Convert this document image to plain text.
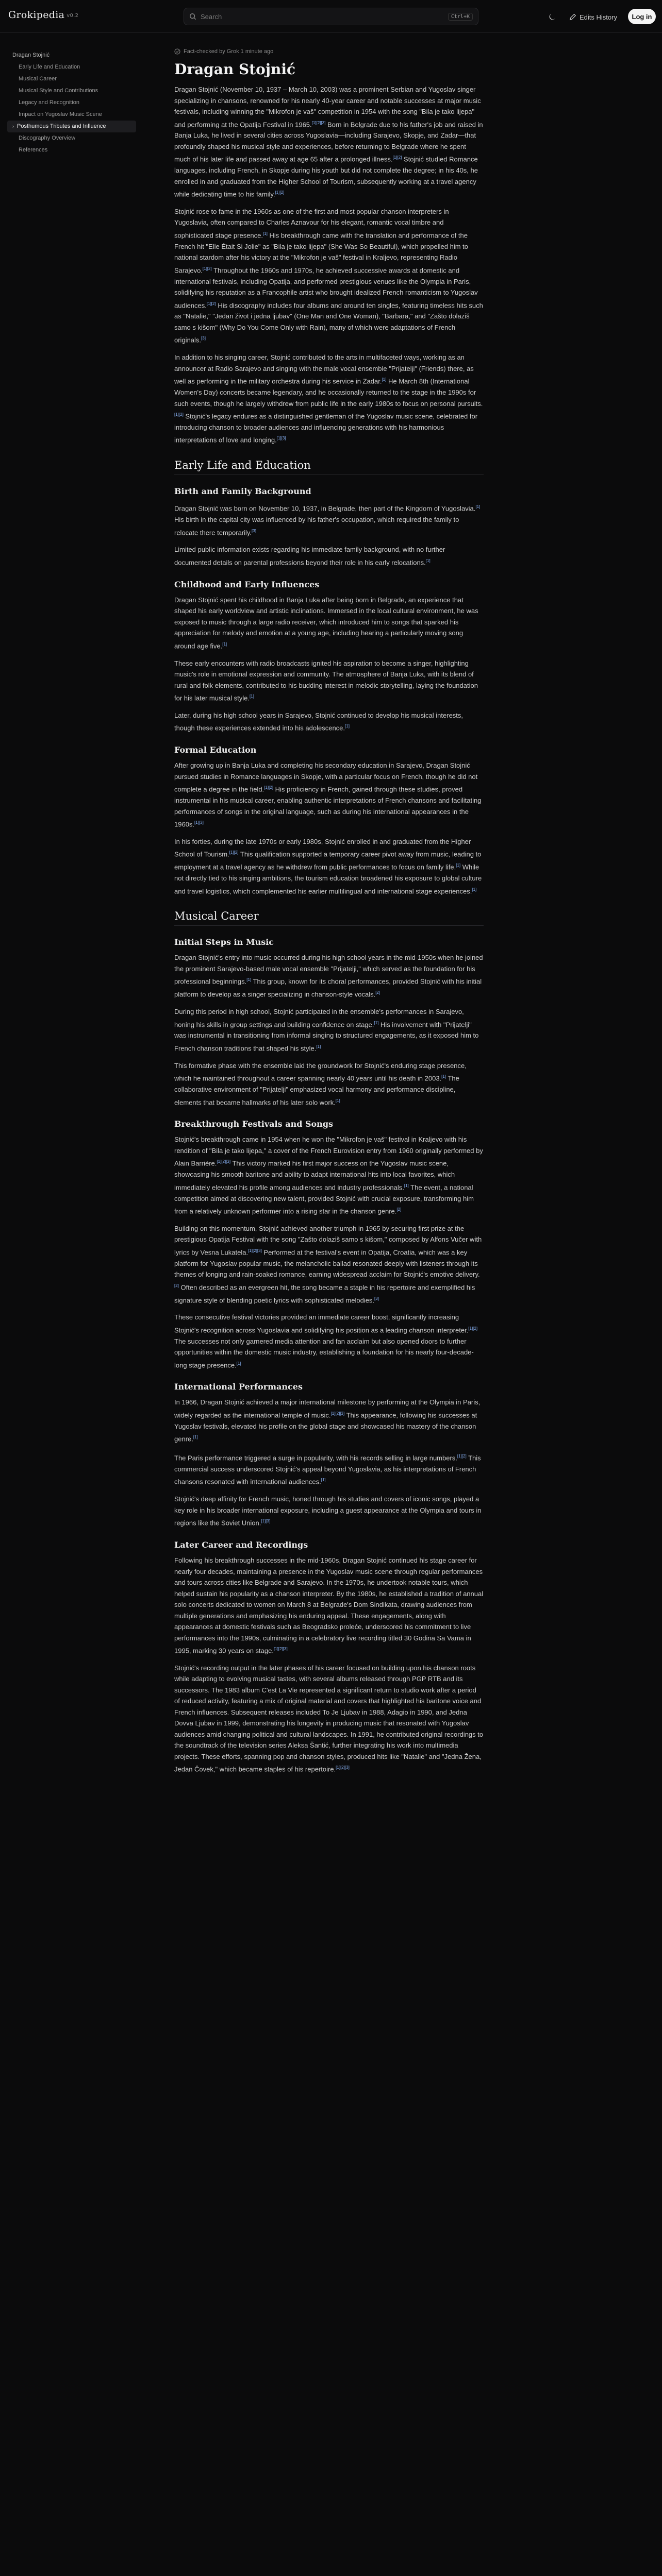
Grokipedia v0.2
Search	Ctrl+K	Edits History	Log in
Dragan Stojnić
Early Life and Education
Musical Career
Musical Style and Contributions
Legacy and Recognition
Impact on Yugoslav Music Scene
› Posthumous Tributes and Influence
Discography Overview
References
Fact-checked by Grok 1 minute ago
Dragan Stojnić

Dragan Stojnić (November 10, 1937 – March 10, 2003) was a prominent Serbian and Yugoslav singer specializing in chansons, renowned for his nearly 40-year career and notable successes at major music festivals, including winning the "Mikrofon je vaš" competition in 1954 with the song "Bila je tako lijepa" and performing at the Opatija Festival in 1965.[1][2][3] Born in Belgrade due to his father's job and raised in Banja Luka, he lived in several cities across Yugoslavia—including Sarajevo, Skopje, and Zadar—that profoundly shaped his musical style and experiences, before returning to Belgrade where he spent much of his later life and passed away at age 65 after a prolonged illness.[1][2] Stojnić studied Romance languages, including French, in Skopje during his youth but did not complete the degree; in his 40s, he enrolled in and graduated from the Higher School of Tourism, subsequently working at a travel agency while dedicating time to his family.[1][2]

Stojnić rose to fame in the 1960s as one of the first and most popular chanson interpreters in Yugoslavia, often compared to Charles Aznavour for his elegant, romantic vocal timbre and sophisticated stage presence.[1] His breakthrough came with the translation and performance of the French hit "Elle Était Si Jolie" as "Bila je tako lijepa" (She Was So Beautiful), which propelled him to national stardom after his victory at the "Mikrofon je vaš" festival in Kraljevo, representing Radio Sarajevo.[1][2] Throughout the 1960s and 1970s, he achieved successive awards at domestic and international festivals, including Opatija, and performed prestigious venues like the Olympia in Paris, solidifying his reputation as a Francophile artist who brought idealized French romanticism to Yugoslav audiences.[1][2] His discography includes four albums and around ten singles, featuring timeless hits such as "Natalie," "Jedan život i jedna ljubav" (One Man and One Woman), "Barbara," and "Zašto dolaziš samo s kišom" (Why Do You Come Only with Rain), many of which were adaptations of French originals.[3]

In addition to his singing career, Stojnić contributed to the arts in multifaceted ways, working as an announcer at Radio Sarajevo and singing with the male vocal ensemble "Prijatelji" (Friends) there, as well as performing in the military orchestra during his service in Zadar.[1] He March 8th (International Women's Day) concerts became legendary, and he occasionally returned to the stage in the 1990s for such events, though he largely withdrew from public life in the early 1980s to focus on personal pursuits.[1][2] Stojnić's legacy endures as a distinguished gentleman of the Yugoslav music scene, celebrated for introducing chanson to broader audiences and influencing generations with his harmonious interpretations of love and longing.[1][3]

Early Life and Education
Birth and Family Background

Dragan Stojnić was born on November 10, 1937, in Belgrade, then part of the Kingdom of Yugoslavia.[1] His birth in the capital city was influenced by his father's occupation, which required the family to relocate there temporarily.[3]

Limited public information exists regarding his immediate family background, with no further documented details on parental professions beyond their role in his early relocations.[1]

Childhood and Early Influences

Dragan Stojnić spent his childhood in Banja Luka after being born in Belgrade, an experience that shaped his early worldview and artistic inclinations. Immersed in the local cultural environment, he was exposed to music through a large radio receiver, which introduced him to songs that sparked his appreciation for melody and emotion at a young age, including hearing a particularly moving song around age five.[1]

These early encounters with radio broadcasts ignited his aspiration to become a singer, highlighting music's role in emotional expression and community. The atmosphere of Banja Luka, with its blend of rural and folk elements, contributed to his budding interest in melodic storytelling, laying the foundation for his later musical style.[1]

Later, during his high school years in Sarajevo, Stojnić continued to develop his musical interests, though these experiences extended into his adolescence.[1]

Formal Education

After growing up in Banja Luka and completing his secondary education in Sarajevo, Dragan Stojnić pursued studies in Romance languages in Skopje, with a particular focus on French, though he did not complete a degree in the field.[1][2] His proficiency in French, gained through these studies, proved instrumental in his musical career, enabling authentic interpretations of French chansons and facilitating performances of songs in the original language, such as during his international appearances in the 1960s.[1][3]

In his forties, during the late 1970s or early 1980s, Stojnić enrolled in and graduated from the Higher School of Tourism.[1][2] This qualification supported a temporary career pivot away from music, leading to employment at a travel agency as he withdrew from public performances to focus on family life.[1] While not directly tied to his singing ambitions, the tourism education broadened his exposure to global culture and travel logistics, which complemented his earlier multilingual and international stage experiences.[1]

Musical Career
Initial Steps in Music

Dragan Stojnić's entry into music occurred during his high school years in the mid-1950s when he joined the prominent Sarajevo-based male vocal ensemble "Prijatelji," which served as the foundation for his professional beginnings.[1] This group, known for its choral performances, provided Stojnić with his initial platform to develop as a singer specializing in chanson-style vocals.[2]

During this period in high school, Stojnić participated in the ensemble's performances in Sarajevo, honing his skills in group settings and building confidence on stage.[1] His involvement with "Prijatelji" was instrumental in transitioning from informal singing to structured engagements, as it exposed him to French chanson traditions that shaped his style.[1]

This formative phase with the ensemble laid the groundwork for Stojnić's enduring stage presence, which he maintained throughout a career spanning nearly 40 years until his death in 2003.[1] The collaborative environment of "Prijatelji" emphasized vocal harmony and performance discipline, elements that became hallmarks of his later solo work.[1]

Breakthrough Festivals and Songs

Stojnić's breakthrough came in 1954 when he won the "Mikrofon je vaš" festival in Kraljevo with his rendition of "Bila je tako lijepa," a cover of the French Eurovision entry from 1960 originally performed by Alain Barrière.[1][2][3] This victory marked his first major success on the Yugoslav music scene, showcasing his smooth baritone and ability to adapt international hits into local favorites, which immediately elevated his profile among audiences and industry professionals.[1] The event, a national competition aimed at discovering new talent, provided Stojnić with crucial exposure, transforming him from a relatively unknown performer into a rising star in the chanson genre.[2]

Building on this momentum, Stojnić achieved another triumph in 1965 by securing first prize at the prestigious Opatija Festival with the song "Zašto dolaziš samo s kišom," composed by Alfons Vučer with lyrics by Vesna Lukatela.[1][2][3] Performed at the festival's event in Opatija, Croatia, which was a key platform for Yugoslav popular music, the melancholic ballad resonated deeply with listeners through its themes of longing and rain-soaked romance, earning widespread acclaim for Stojnić's emotive delivery.[2] Often described as an evergreen hit, the song became a staple in his repertoire and exemplified his signature style of blending poetic lyrics with sophisticated melodies.[3]

These consecutive festival victories provided an immediate career boost, significantly increasing Stojnić's recognition across Yugoslavia and solidifying his position as a leading chanson interpreter.[1][2] The successes not only garnered media attention and fan acclaim but also opened doors to further opportunities within the domestic music industry, establishing a foundation for his nearly four-decade-long stage presence.[1]

International Performances

In 1966, Dragan Stojnić achieved a major international milestone by performing at the Olympia in Paris, widely regarded as the international temple of music.[1][2][3] This appearance, following his successes at Yugoslav festivals, elevated his profile on the global stage and showcased his mastery of the chanson genre.[1]

The Paris performance triggered a surge in popularity, with his records selling in large numbers.[1][2] This commercial success underscored Stojnić's appeal beyond Yugoslavia, as his interpretations of French chansons resonated with international audiences.[1]

Stojnić's deep affinity for French music, honed through his studies and covers of iconic songs, played a key role in his broader international exposure, including a guest appearance at the Olympia and tours in regions like the Soviet Union.[1][3]

Later Career and Recordings

Following his breakthrough successes in the mid-1960s, Dragan Stojnić continued his stage career for nearly four decades, maintaining a presence in the Yugoslav music scene through regular performances and tours across cities like Belgrade and Sarajevo. In the 1970s, he undertook notable tours, which helped sustain his popularity as a chanson interpreter. By the 1980s, he established a tradition of annual solo concerts dedicated to women on March 8 at Belgrade's Dom Sindikata, drawing audiences from multiple generations and emphasizing his enduring appeal. These engagements, along with appearances at domestic festivals such as Beogradsko proleće, underscored his commitment to live performances into the 1990s, culminating in a celebratory live recording titled 30 Godina Sa Vama in 1995, marking 30 years on stage.[1][2][3]

Stojnić's recording output in the later phases of his career focused on building upon his chanson roots while adapting to evolving musical tastes, with several albums released through PGP RTB and its successors. The 1983 album C'est La Vie represented a significant return to studio work after a period of reduced activity, featuring a mix of original material and covers that highlighted his baritone voice and French influences. Subsequent releases included To Je Ljubav in 1988, Adagio in 1990, and Jedna Dovva Ljubav in 1999, demonstrating his longevity in producing music that resonated with Yugoslav audiences amid changing political and cultural landscapes. In 1991, he contributed original recordings to the soundtrack of the television series Aleksa Šantić, further integrating his work into multimedia projects. These efforts, spanning pop and chanson styles, produced hits like "Natalie" and "Jedna Žena, Jedan Čovek," which became staples of his repertoire.[1][2][3]
